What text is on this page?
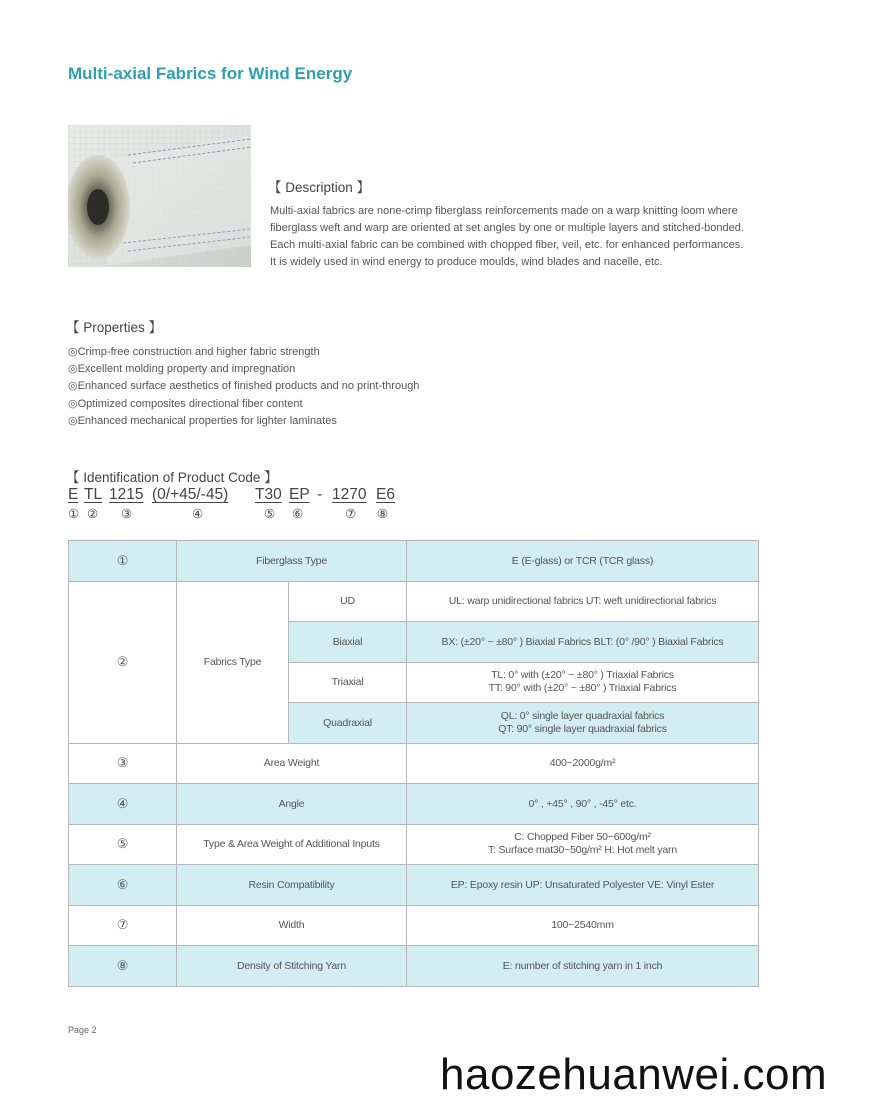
Multi-axial Fabrics for Wind Energy
【 Description 】

Multi-axial fabrics are none-crimp fiberglass reinforcements made on a warp knitting loom where fiberglass weft and warp are oriented at set angles by one or multiple layers and stitched-bonded. Each multi-axial fabric can be combined with chopped fiber, veil, etc. for enhanced performances.

It is widely used in wind energy to produce moulds, wind blades and nacelle, etc.

【 Properties 】
◎Crimp-free construction and higher fabric strength
◎Excellent molding property and impregnation
◎Enhanced surface aesthetics of finished products and no print-through
◎Optimized composites directional fiber content
◎Enhanced mechanical properties for lighter laminates
【 Identification of Product Code 】
E TL 1215 (0/+45/-45) T30 EP - 1270 E6
① ② ③	④	⑤ ⑥	⑦ ⑧
①	Fiberglass Type		E (E-glass) or TCR (TCR glass)
②	Fabrics Type	UD	UL: warp unidirectional fabrics UT: weft unidirectional fabrics
		Biaxial	BX: (±20° ~ ±80° ) Biaxial Fabrics BLT: (0° /90° ) Biaxial Fabrics
		Triaxial	TL: 0° with (±20° ~ ±80° ) Triaxial Fabrics
TT: 90° with (±20° ~ ±80° ) Triaxial Fabrics

		Quadraxial	QL: 0° single layer quadraxial fabrics
QT: 90° single layer quadraxial fabrics

③	Area Weight		400~2000g/m²
④	Angle		0° , +45° , 90° , -45° etc.
⑤	Type & Area Weight of Additional Inputs		C: Chopped Fiber 50~600g/m²
T: Surface mat30~50g/m² H: Hot melt yarn

⑥	Resin Compatibility		EP: Epoxy resin UP: Unsaturated Polyester VE: Vinyl Ester
⑦	Width		100~2540mm
⑧	Density of Stitching Yarn		E: number of stitching yarn in 1 inch
Page 2
haozehuanwei.com
